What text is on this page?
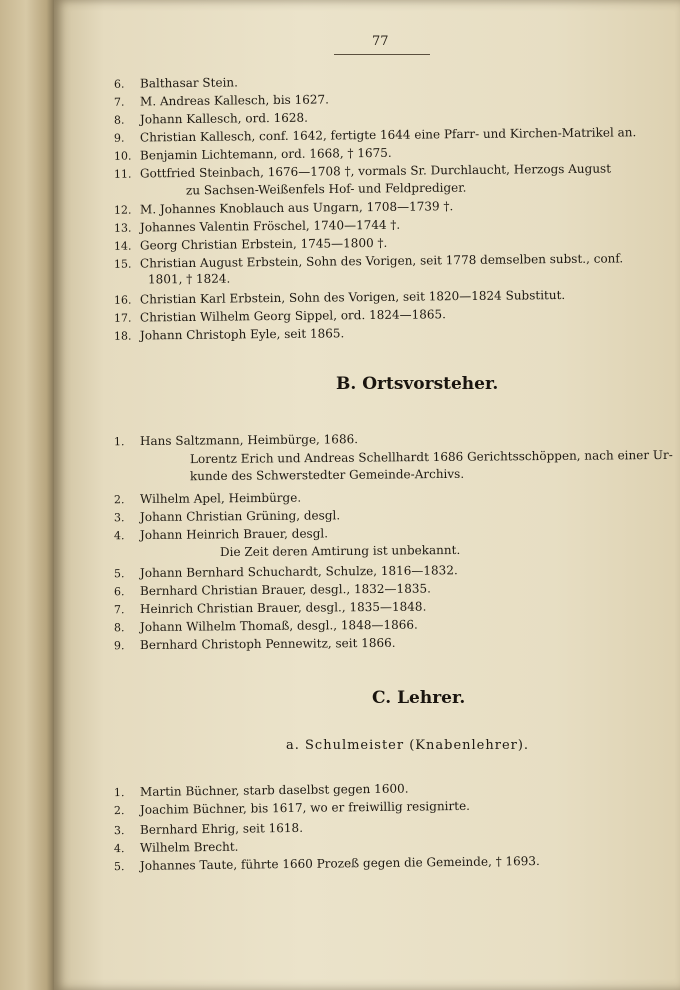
77
6. Balthasar Stein.
7. M. Andreas Kallesch, bis 1627.
8. Johann Kallesch, ord. 1628.
9. Christian Kallesch, conf. 1642, fertigte 1644 eine Pfarr- und Kirchen-Matrikel an.
10. Benjamin Lichtemann, ord. 1668, † 1675.
11. Gottfried Steinbach, 1676—1708 †, vormals Sr. Durchlaucht, Herzogs August
zu Sachsen-Weißenfels Hof- und Feldprediger.
12. M. Johannes Knoblauch aus Ungarn, 1708—1739 †.
13. Johannes Valentin Fröschel, 1740—1744 †.
14. Georg Christian Erbstein, 1745—1800 †.
15. Christian August Erbstein, Sohn des Vorigen, seit 1778 demselben subst., conf.
1801, † 1824.
16. Christian Karl Erbstein, Sohn des Vorigen, seit 1820—1824 Substitut.
17. Christian Wilhelm Georg Sippel, ord. 1824—1865.
18. Johann Christoph Eyle, seit 1865.
B. Ortsvorsteher.
1. Hans Saltzmann, Heimbürge, 1686.
Lorentz Erich und Andreas Schellhardt 1686 Gerichtsschöppen, nach einer Ur-
kunde des Schwerstedter Gemeinde-Archivs.
2. Wilhelm Apel, Heimbürge.
3. Johann Christian Grüning, desgl.
4. Johann Heinrich Brauer, desgl.
Die Zeit deren Amtirung ist unbekannt.
5. Johann Bernhard Schuchardt, Schulze, 1816—1832.
6. Bernhard Christian Brauer, desgl., 1832—1835.
7. Heinrich Christian Brauer, desgl., 1835—1848.
8. Johann Wilhelm Thomaß, desgl., 1848—1866.
9. Bernhard Christoph Pennewitz, seit 1866.
C. Lehrer.
a. Schulmeister (Knabenlehrer).
1. Martin Büchner, starb daselbst gegen 1600.
2. Joachim Büchner, bis 1617, wo er freiwillig resignirte.
3. Bernhard Ehrig, seit 1618.
4. Wilhelm Brecht.
5. Johannes Taute, führte 1660 Prozeß gegen die Gemeinde, † 1693.
